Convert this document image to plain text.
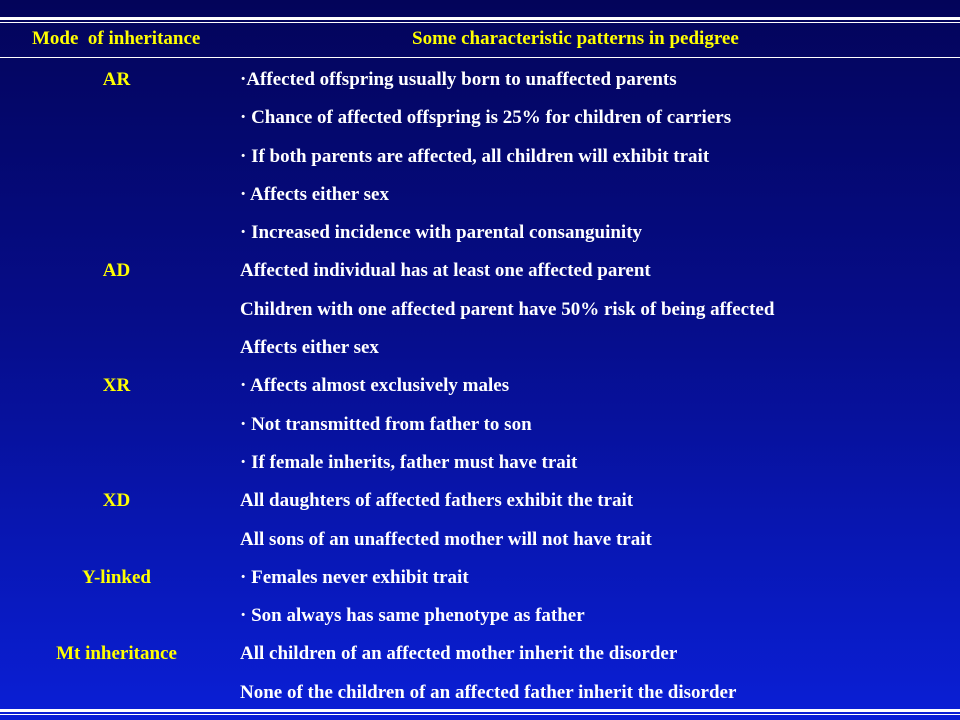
Mode  of inheritance	Some characteristic patterns in pedigree
AR	·Affected offspring usually born to unaffected parents
· Chance of affected offspring is 25% for children of carriers
· If both parents are affected, all children will exhibit trait
· Affects either sex
· Increased incidence with parental consanguinity
AD	Affected individual has at least one affected parent
Children with one affected parent have 50% risk of being affected
Affects either sex
XR	· Affects almost exclusively males
· Not transmitted from father to son
· If female inherits, father must have trait
XD	All daughters of affected fathers exhibit the trait
All sons of an unaffected mother will not have trait
Y-linked	· Females never exhibit trait
· Son always has same phenotype as father
Mt inheritance	All children of an affected mother inherit the disorder
None of the children of an affected father inherit the disorder
